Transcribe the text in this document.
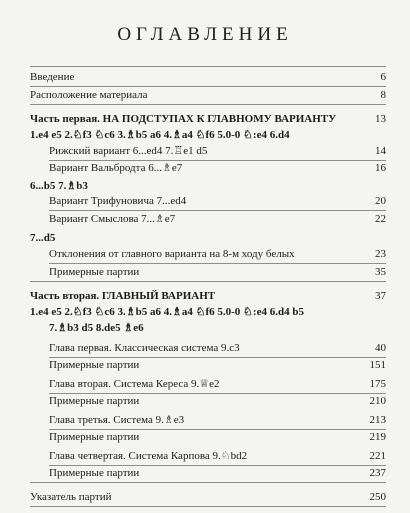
ОГЛАВЛЕНИЕ
Введение	6
Расположение материала	8
Часть первая. НА ПОДСТУПАХ К ГЛАВНОМУ ВАРИАНТУ	13
1.e4 e5 2.♘f3 ♘c6 3.♗b5 a6 4.♗a4 ♘f6 5.0-0 ♘:e4 6.d4
Рижский вариант 6...ed4 7.♖e1 d5	14
Вариант Вальбродта 6...♗e7	16
6...b5 7.♗b3
Вариант Трифуновича 7...ed4	20
Вариант Смыслова 7...♗e7	22
7...d5
Отклонения от главного варианта на 8-м ходу белых	23
Примерные партии	35
Часть вторая. ГЛАВНЫЙ ВАРИАНТ	37
1.e4 e5 2.♘f3 ♘c6 3.♗b5 a6 4.♗a4 ♘f6 5.0-0 ♘:e4 6.d4 b5
7.♗b3 d5 8.de5 ♗e6
Глава первая. Классическая система 9.c3	40
Примерные партии	151
Глава вторая. Система Кереса 9.♕e2	175
Примерные партии	210
Глава третья. Система 9.♗e3	213
Примерные партии	219
Глава четвертая. Система Карпова 9.♘bd2	221
Примерные партии	237
Указатель партий	250
